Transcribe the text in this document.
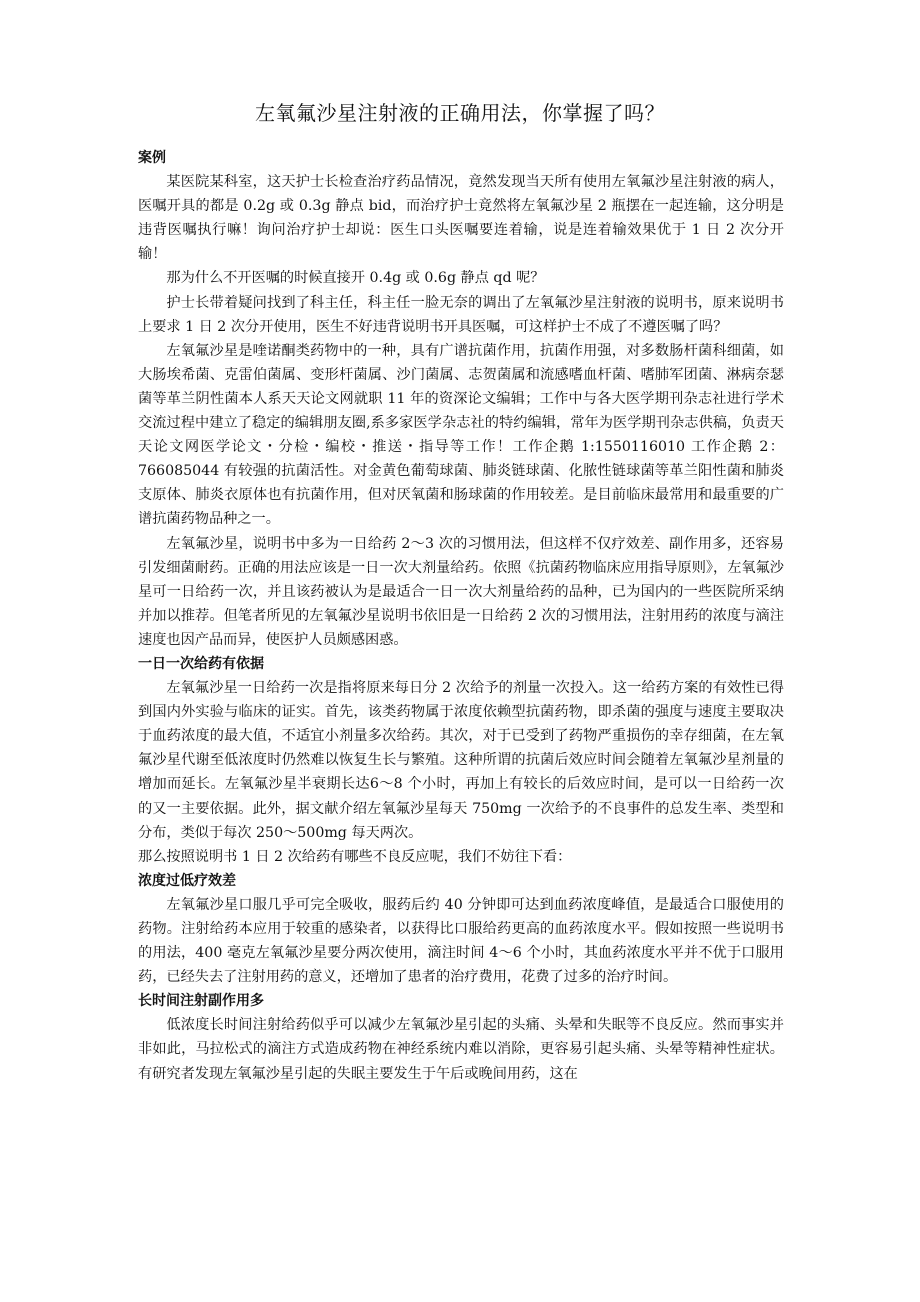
左氧氟沙星注射液的正确用法，你掌握了吗？
案例

某医院某科室，这天护士长检查治疗药品情况，竟然发现当天所有使用左氧氟沙星注射液的病人，医嘱开具的都是 0.2g 或 0.3g 静点 bid，而治疗护士竟然将左氧氟沙星 2 瓶摆在一起连输，这分明是违背医嘱执行嘛！询问治疗护士却说：医生口头医嘱要连着输，说是连着输效果优于 1 日 2 次分开输！

那为什么不开医嘱的时候直接开 0.4g 或 0.6g 静点 qd 呢？

护士长带着疑问找到了科主任，科主任一脸无奈的调出了左氧氟沙星注射液的说明书，原来说明书上要求 1 日 2 次分开使用，医生不好违背说明书开具医嘱，可这样护士不成了不遵医嘱了吗？

左氧氟沙星是喹诺酮类药物中的一种，具有广谱抗菌作用，抗菌作用强，对多数肠杆菌科细菌，如大肠埃希菌、克雷伯菌属、变形杆菌属、沙门菌属、志贺菌属和流感嗜血杆菌、嗜肺军团菌、淋病奈瑟菌等革兰阴性菌本人系天天论文网就职 11 年的资深论文编辑；工作中与各大医学期刊杂志社进行学术交流过程中建立了稳定的编辑朋友圈,系多家医学杂志社的特约编辑，常年为医学期刊杂志供稿，负责天天论文网医学论文・分检・编校・推送・指导等工作！工作企鹅 1:1550116010 工作企鹅 2：766085044 有较强的抗菌活性。对金黄色葡萄球菌、肺炎链球菌、化脓性链球菌等革兰阳性菌和肺炎支原体、肺炎衣原体也有抗菌作用，但对厌氧菌和肠球菌的作用较差。是目前临床最常用和最重要的广谱抗菌药物品种之一。

左氧氟沙星，说明书中多为一日给药 2～3 次的习惯用法，但这样不仅疗效差、副作用多，还容易引发细菌耐药。正确的用法应该是一日一次大剂量给药。依照《抗菌药物临床应用指导原则》，左氧氟沙星可一日给药一次，并且该药被认为是最适合一日一次大剂量给药的品种，已为国内的一些医院所采纳并加以推荐。但笔者所见的左氧氟沙星说明书依旧是一日给药 2 次的习惯用法，注射用药的浓度与滴注速度也因产品而异，使医护人员颇感困惑。

一日一次给药有依据

左氧氟沙星一日给药一次是指将原来每日分 2 次给予的剂量一次投入。这一给药方案的有效性已得到国内外实验与临床的证实。首先，该类药物属于浓度依赖型抗菌药物，即杀菌的强度与速度主要取决于血药浓度的最大值，不适宜小剂量多次给药。其次，对于已受到了药物严重损伤的幸存细菌，在左氧氟沙星代谢至低浓度时仍然难以恢复生长与繁殖。这种所谓的抗菌后效应时间会随着左氧氟沙星剂量的增加而延长。左氧氟沙星半衰期长达6～8 个小时，再加上有较长的后效应时间，是可以一日给药一次的又一主要依据。此外，据文献介绍左氧氟沙星每天 750mg 一次给予的不良事件的总发生率、类型和分布，类似于每次 250～500mg 每天两次。

那么按照说明书 1 日 2 次给药有哪些不良反应呢，我们不妨往下看：

浓度过低疗效差

左氧氟沙星口服几乎可完全吸收，服药后约 40 分钟即可达到血药浓度峰值，是最适合口服使用的药物。注射给药本应用于较重的感染者，以获得比口服给药更高的血药浓度水平。假如按照一些说明书的用法，400 毫克左氧氟沙星要分两次使用，滴注时间 4～6 个小时，其血药浓度水平并不优于口服用药，已经失去了注射用药的意义，还增加了患者的治疗费用，花费了过多的治疗时间。

长时间注射副作用多

低浓度长时间注射给药似乎可以减少左氧氟沙星引起的头痛、头晕和失眠等不良反应。然而事实并非如此，马拉松式的滴注方式造成药物在神经系统内难以消除，更容易引起头痛、头晕等精神性症状。有研究者发现左氧氟沙星引起的失眠主要发生于午后或晚间用药，这在
